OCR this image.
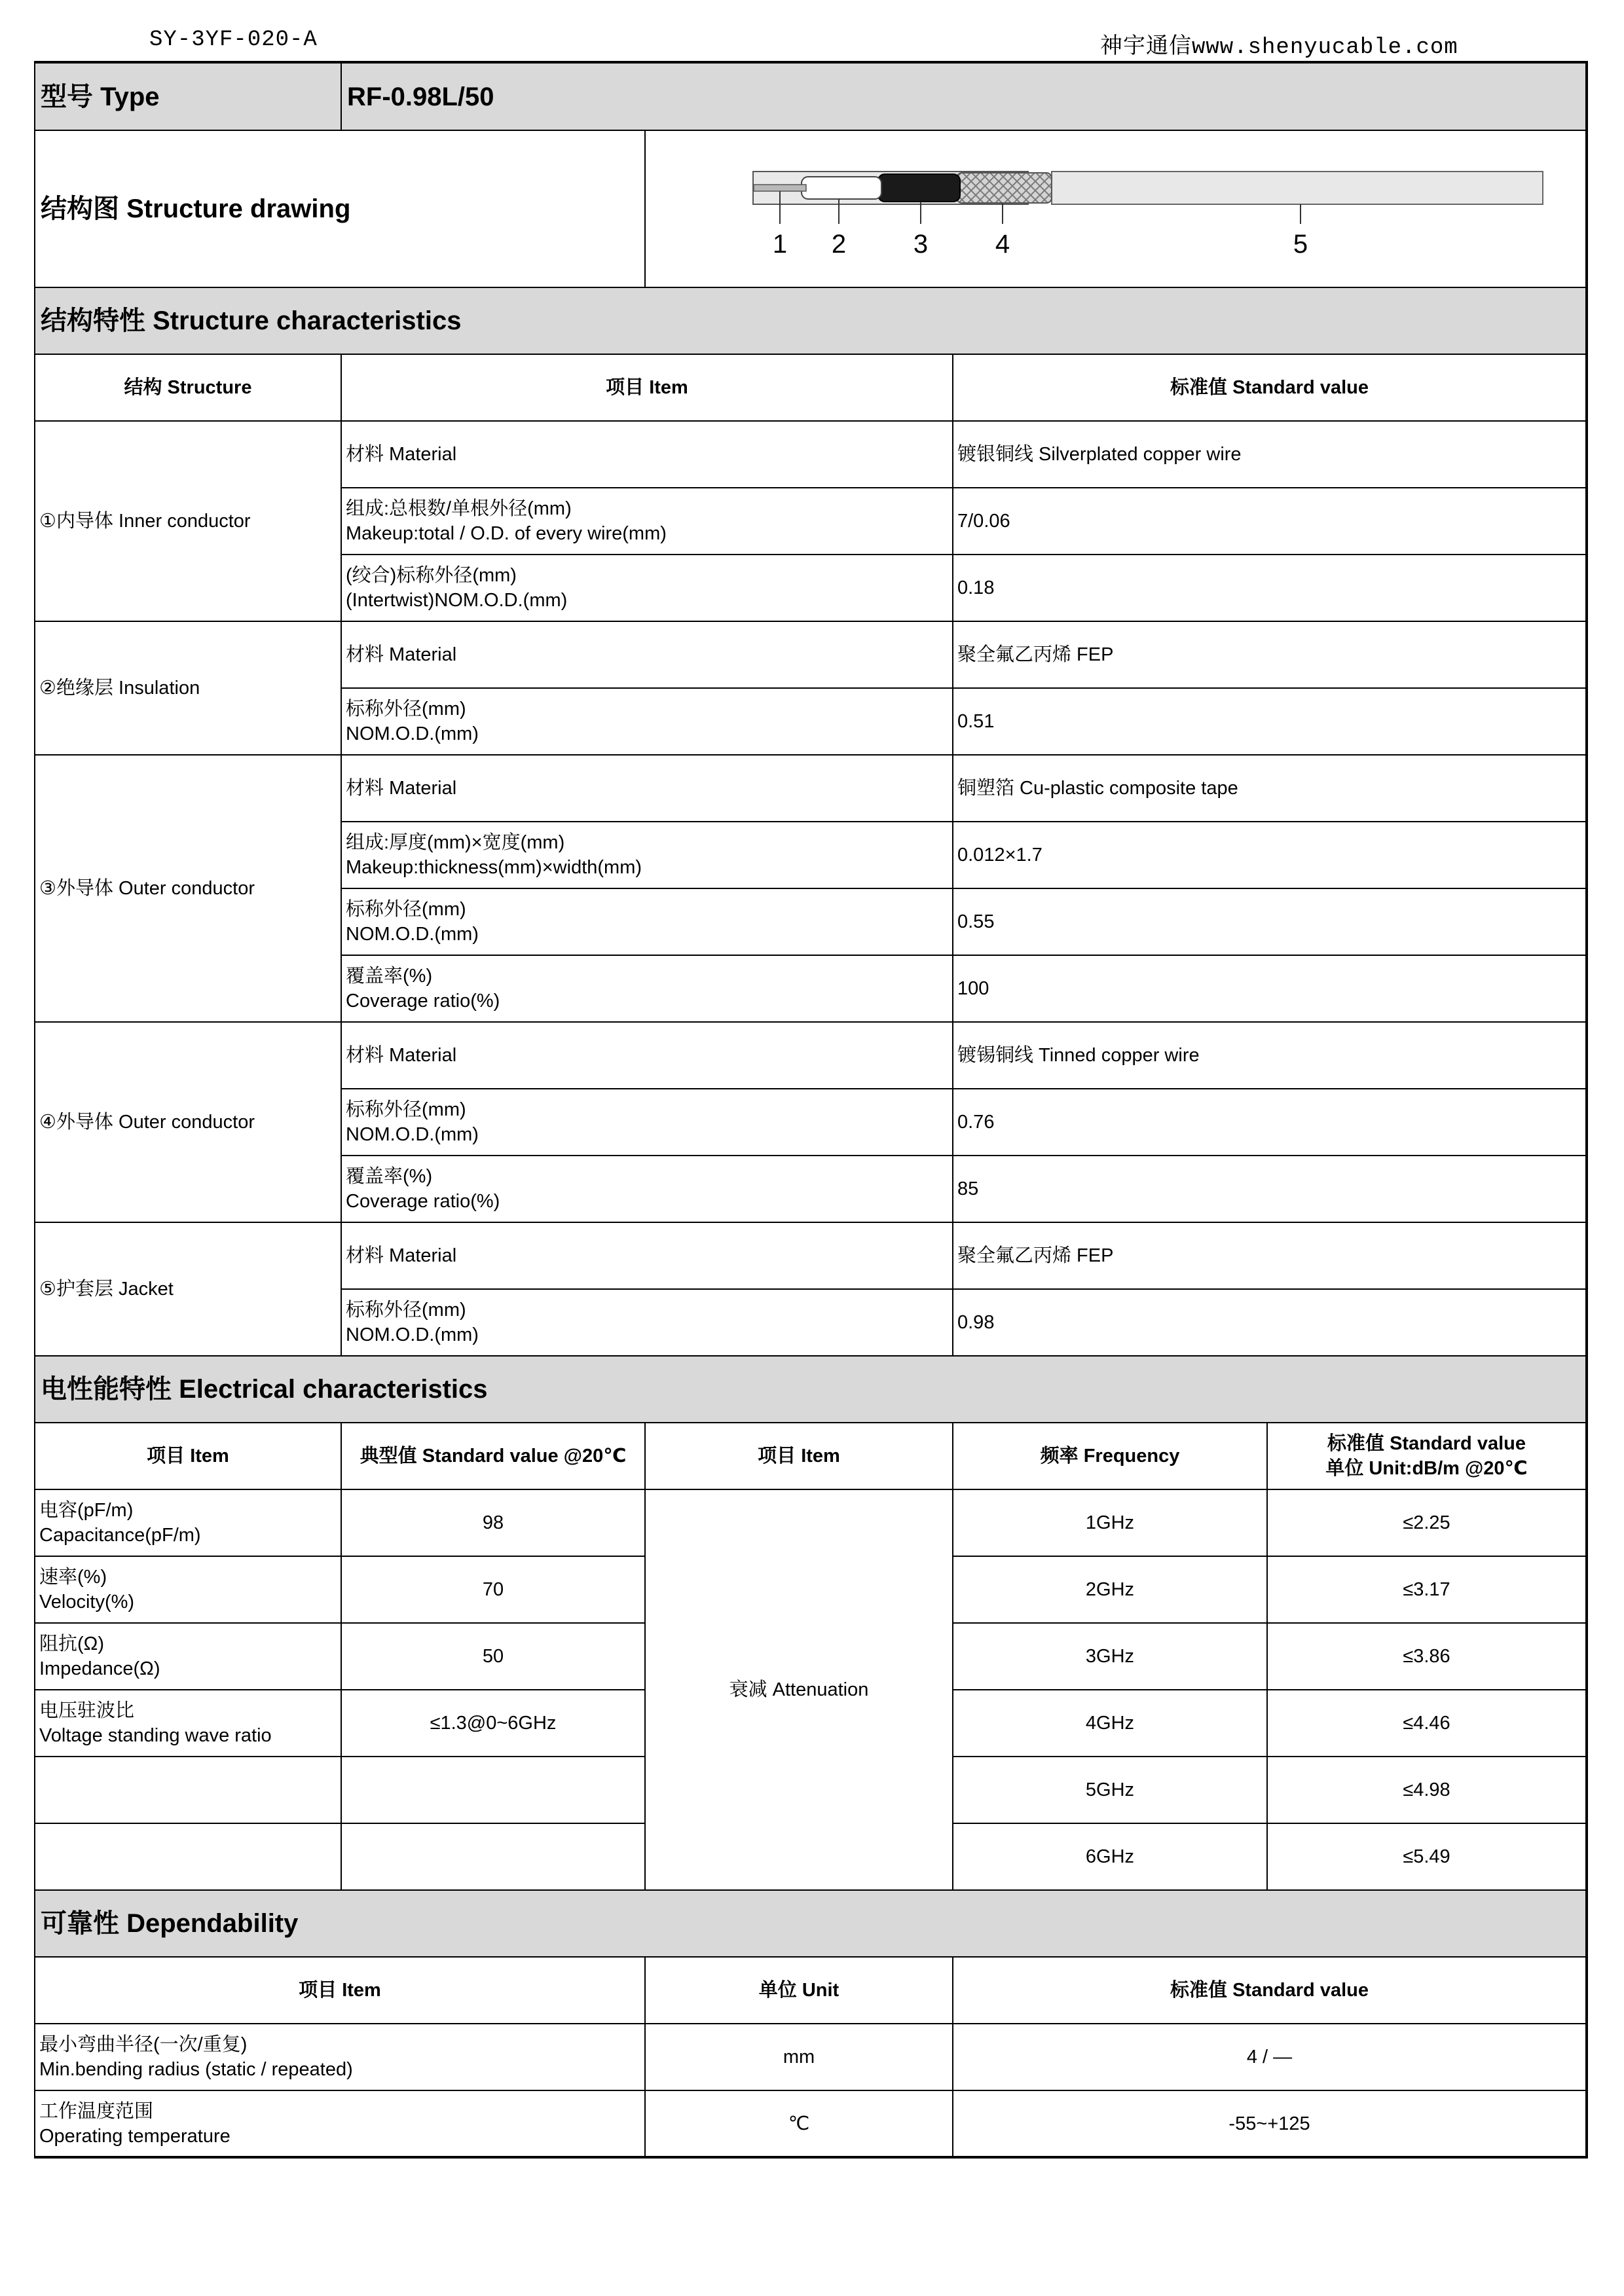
SY-3YF-020-A	神宇通信www.shenyucable.com
型号 Type	RF-0.98L/50			
结构图 Structure drawing		1 2 3 4 5		

结构特性 Structure characteristics				
结构 Structure	项目 Item		标准值 Standard value	
①内导体 Inner conductor	材料 Material		镀银铜线 Silverplated copper wire	

	组成:总根数/单根外径(mm)
Makeup:total / O.D. of every wire(mm)		7/0.06	

	(绞合)标称外径(mm)
(Intertwist)NOM.O.D.(mm)		0.18	
②绝缘层 Insulation	材料 Material		聚全氟乙丙烯 FEP	

	标称外径(mm)
NOM.O.D.(mm)		0.51	
③外导体 Outer conductor	材料 Material		铜塑箔 Cu-plastic composite tape	

	组成:厚度(mm)×宽度(mm)
Makeup:thickness(mm)×width(mm)		0.012×1.7	

	标称外径(mm)
NOM.O.D.(mm)		0.55	

	覆盖率(%)
Coverage ratio(%)		100	
④外导体 Outer conductor	材料 Material		镀锡铜线 Tinned copper wire	

	标称外径(mm)
NOM.O.D.(mm)		0.76	

	覆盖率(%)
Coverage ratio(%)		85	
⑤护套层 Jacket	材料 Material		聚全氟乙丙烯 FEP	

	标称外径(mm)
NOM.O.D.(mm)		0.98	
电性能特性 Electrical characteristics				
项目 Item	典型值 Standard value @20℃	项目 Item	频率 Frequency	标准值 Standard value
单位 Unit:dB/m @20℃

电容(pF/m)
Capacitance(pF/m)	98	衰减 Attenuation	1GHz	≤2.25

速率(%)
Velocity(%)	70		2GHz	≤3.17

阻抗(Ω)
Impedance(Ω)	50		3GHz	≤3.86

电压驻波比
Voltage standing wave ratio	≤1.3@0~6GHz		4GHz	≤4.46

			5GHz	≤4.98

			6GHz	≤5.49
可靠性 Dependability				
项目 Item		单位 Unit	标准值 Standard value	

最小弯曲半径(一次/重复)
Min.bending radius (static / repeated)		mm	4 / —	

工作温度范围
Operating temperature		℃	-55~+125	
